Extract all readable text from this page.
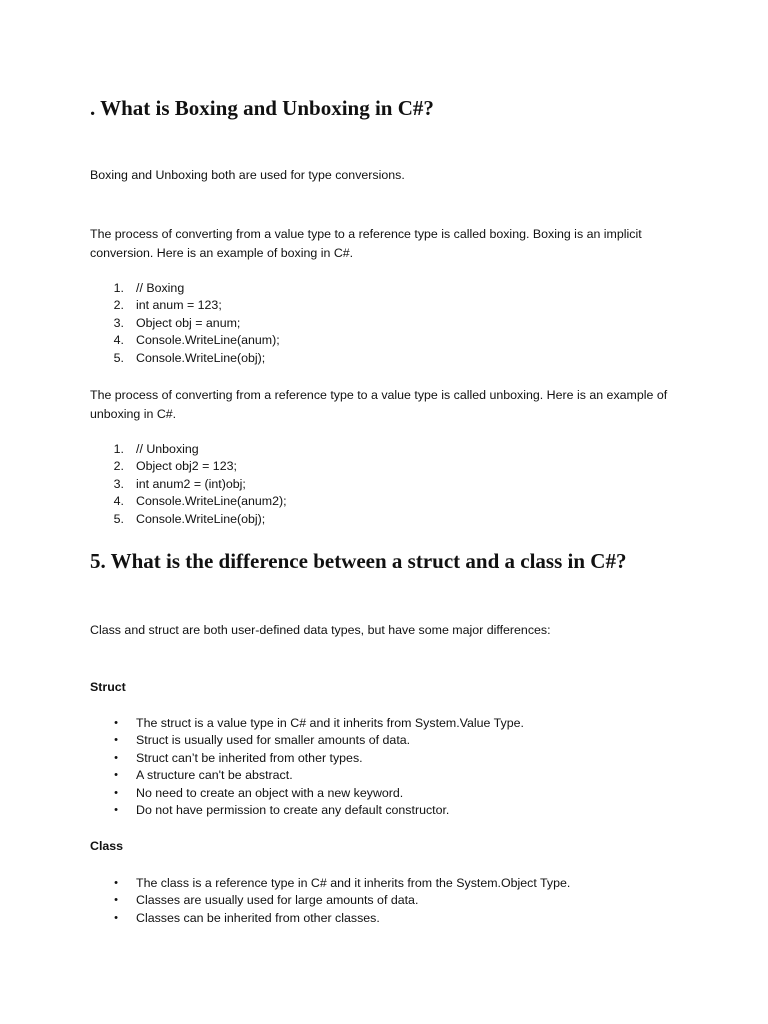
. What is Boxing and Unboxing in C#?

Boxing and Unboxing both are used for type conversions.

The process of converting from a value type to a reference type is called boxing. Boxing is an implicit conversion. Here is an example of boxing in C#.

1. // Boxing
2. int anum = 123;
3. Object obj = anum;
4. Console.WriteLine(anum);
5. Console.WriteLine(obj);

The process of converting from a reference type to a value type is called unboxing. Here is an example of unboxing in C#.

1. // Unboxing
2. Object obj2 = 123;
3. int anum2 = (int)obj;
4. Console.WriteLine(anum2);
5. Console.WriteLine(obj);
5. What is the difference between a struct and a class in C#?

Class and struct are both user-defined data types, but have some major differences:

Struct

• The struct is a value type in C# and it inherits from System.Value Type.
• Struct is usually used for smaller amounts of data.
• Struct can’t be inherited from other types.
• A structure can't be abstract.
• No need to create an object with a new keyword.
• Do not have permission to create any default constructor.

Class

• The class is a reference type in C# and it inherits from the System.Object Type.
• Classes are usually used for large amounts of data.
• Classes can be inherited from other classes.
